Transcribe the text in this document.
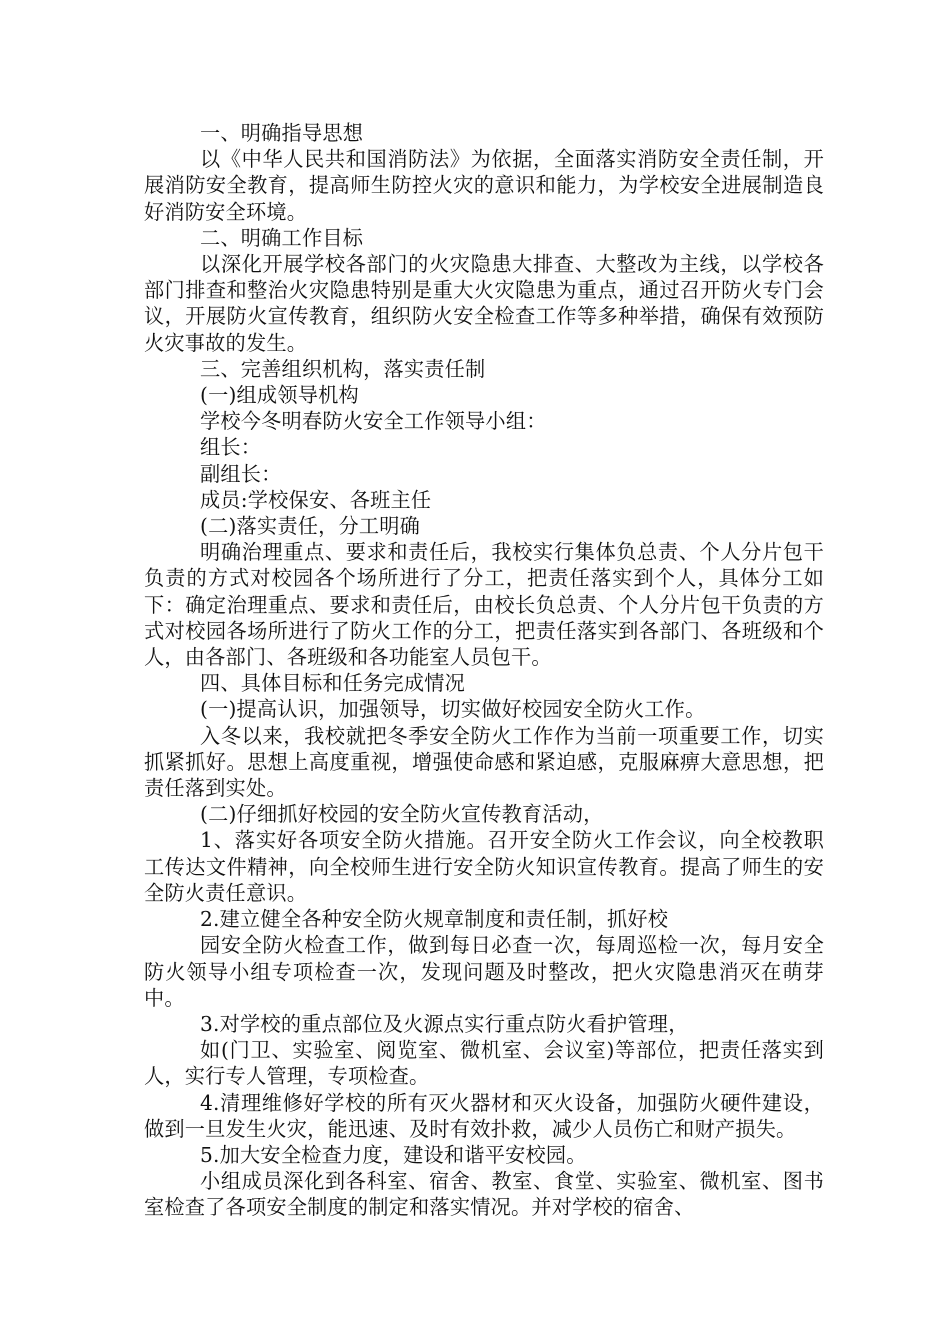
一、明确指导思想

以《中华人民共和国消防法》为依据，全面落实消防安全责任制，开展消防安全教育，提高师生防控火灾的意识和能力，为学校安全进展制造良好消防安全环境。

二、明确工作目标

以深化开展学校各部门的火灾隐患大排查、大整改为主线，以学校各部门排查和整治火灾隐患特别是重大火灾隐患为重点，通过召开防火专门会议，开展防火宣传教育，组织防火安全检查工作等多种举措，确保有效预防火灾事故的发生。

三、完善组织机构，落实责任制

(一)组成领导机构

学校今冬明春防火安全工作领导小组：

组长：

副组长：

成员:学校保安、各班主任

(二)落实责任，分工明确

明确治理重点、要求和责任后，我校实行集体负总责、个人分片包干负责的方式对校园各个场所进行了分工，把责任落实到个人，具体分工如下：确定治理重点、要求和责任后，由校长负总责、个人分片包干负责的方式对校园各场所进行了防火工作的分工，把责任落实到各部门、各班级和个人，由各部门、各班级和各功能室人员包干。

四、具体目标和任务完成情况

(一)提高认识，加强领导，切实做好校园安全防火工作。

入冬以来，我校就把冬季安全防火工作作为当前一项重要工作，切实抓紧抓好。思想上高度重视，增强使命感和紧迫感，克服麻痹大意思想，把责任落到实处。

(二)仔细抓好校园的安全防火宣传教育活动，

1、落实好各项安全防火措施。召开安全防火工作会议，向全校教职工传达文件精神，向全校师生进行安全防火知识宣传教育。提高了师生的安全防火责任意识。

2.建立健全各种安全防火规章制度和责任制，抓好校

园安全防火检查工作，做到每日必查一次，每周巡检一次，每月安全防火领导小组专项检查一次，发现问题及时整改，把火灾隐患消灭在萌芽中。

3.对学校的重点部位及火源点实行重点防火看护管理，

如(门卫、实验室、阅览室、微机室、会议室)等部位，把责任落实到人，实行专人管理，专项检查。

4.清理维修好学校的所有灭火器材和灭火设备，加强防火硬件建设，做到一旦发生火灾，能迅速、及时有效扑救，减少人员伤亡和财产损失。

5.加大安全检查力度，建设和谐平安校园。

小组成员深化到各科室、宿舍、教室、食堂、实验室、微机室、图书室检查了各项安全制度的制定和落实情况。并对学校的宿舍、
